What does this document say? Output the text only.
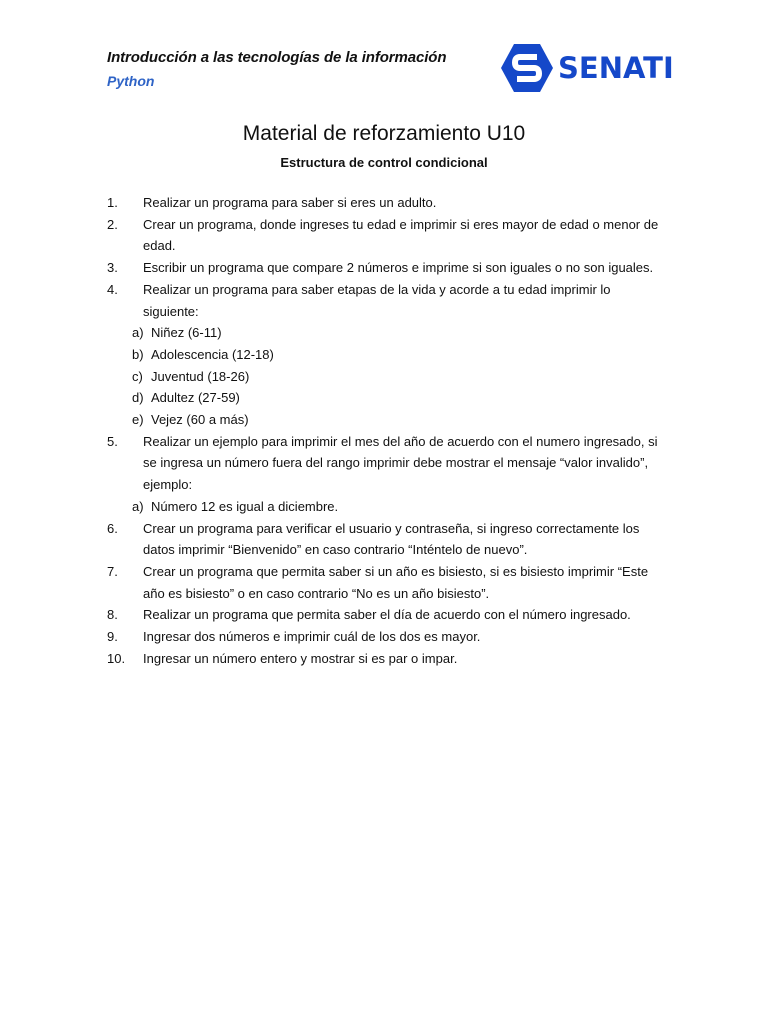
Introducción a las tecnologías de la información
Python	SENATI
Material de reforzamiento U10
Estructura de control condicional
1.	Realizar un programa para saber si eres un adulto.
2.	Crear un programa, donde ingreses tu edad e imprimir si eres mayor de edad o menor de edad.
3.	Escribir un programa que compare 2 números e imprime si son iguales o no son iguales.
4.	Realizar un programa para saber etapas de la vida y acorde a tu edad imprimir lo siguiente:
a) Niñez (6-11)
b) Adolescencia (12-18)
c) Juventud (18-26)
d) Adultez (27-59)
e) Vejez (60 a más)
5.	Realizar un ejemplo para imprimir el mes del año de acuerdo con el numero ingresado, si se ingresa un número fuera del rango imprimir debe mostrar el mensaje “valor invalido”, ejemplo:
a) Número 12 es igual a diciembre.
6.	Crear un programa para verificar el usuario y contraseña, si ingreso correctamente los datos imprimir “Bienvenido” en caso contrario “Inténtelo de nuevo”.
7.	Crear un programa que permita saber si un año es bisiesto, si es bisiesto imprimir “Este año es bisiesto” o en caso contrario “No es un año bisiesto”.
8.	Realizar un programa que permita saber el día de acuerdo con el número ingresado.
9.	Ingresar dos números e imprimir cuál de los dos es mayor.
10.	Ingresar un número entero y mostrar si es par o impar.
